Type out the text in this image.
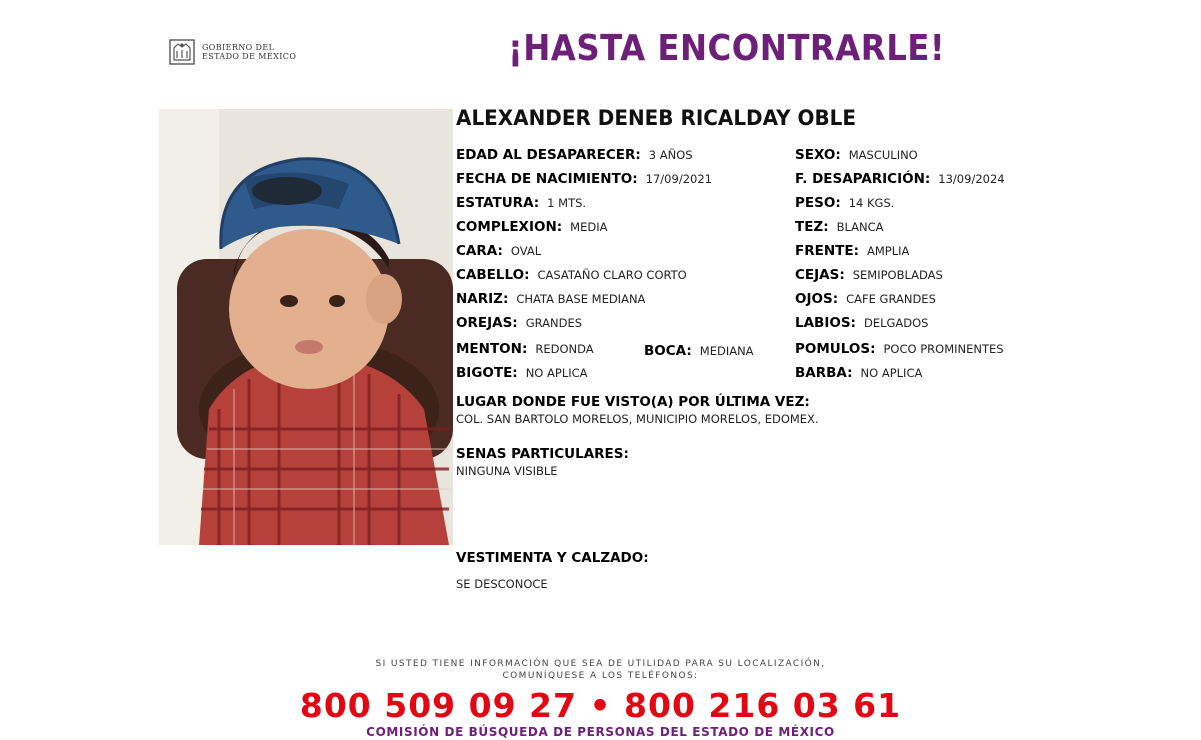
GOBIERNO DEL
ESTADO DE MÉXICO	¡HASTA ENCONTRARLE!
ALEXANDER DENEB RICALDAY OBLE
EDAD AL DESAPARECER: 3 AÑOS
FECHA DE NACIMIENTO: 17/09/2021
ESTATURA: 1 MTS.
COMPLEXION: MEDIA
CARA: OVAL
CABELLO: CASATAÑO CLARO CORTO
NARIZ: CHATA BASE MEDIANA
OREJAS: GRANDES
MENTON: REDONDA
BIGOTE: NO APLICA
SEXO: MASCULINO
F. DESAPARICIÓN: 13/09/2024
PESO: 14 KGS.
TEZ: BLANCA
FRENTE: AMPLIA
CEJAS: SEMIPOBLADAS
OJOS: CAFE GRANDES
LABIOS: DELGADOS
POMULOS: POCO PROMINENTES
BARBA: NO APLICA
BOCA: MEDIANA
LUGAR DONDE FUE VISTO(A) POR ÚLTIMA VEZ:
COL. SAN BARTOLO MORELOS, MUNICIPIO MORELOS, EDOMEX.
SENAS PARTICULARES:
NINGUNA VISIBLE
VESTIMENTA Y CALZADO:
SE DESCONOCE
SI USTED TIENE INFORMACIÓN QUE SEA DE UTILIDAD PARA SU LOCALIZACIÓN,
COMUNÍQUESE A LOS TELÉFONOS:
800 509 09 27 • 800 216 03 61
COMISIÓN DE BÚSQUEDA DE PERSONAS DEL ESTADO DE MÉXICO
